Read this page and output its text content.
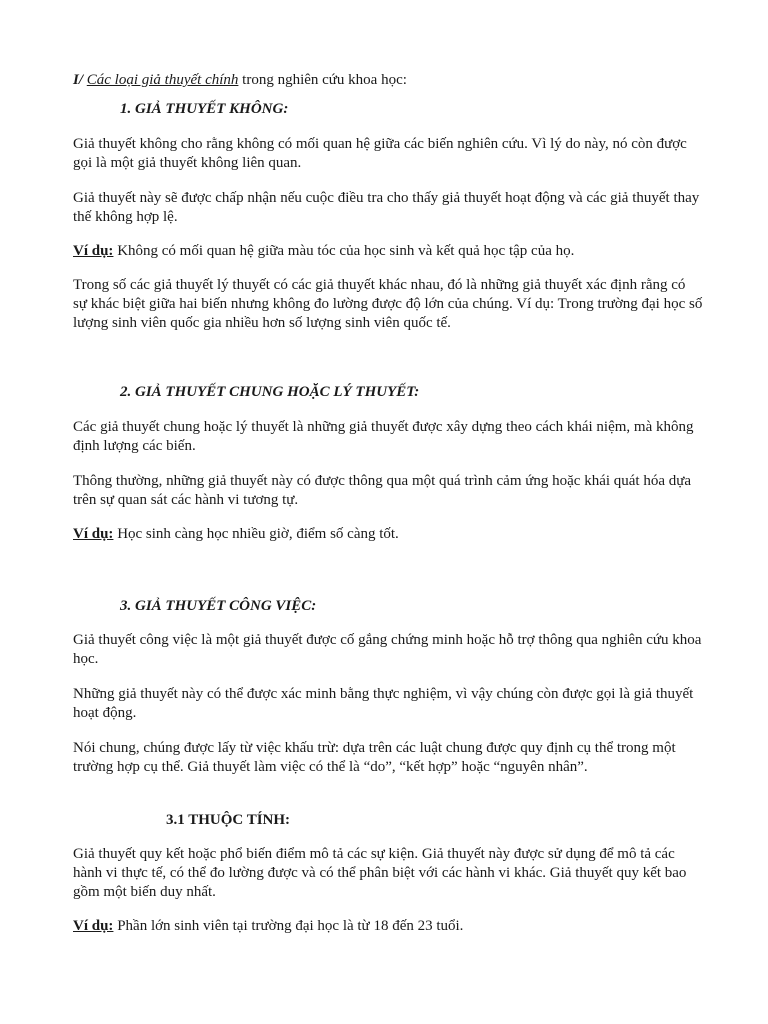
I/ Các loại giả thuyết chính trong nghiên cứu khoa học:

1. GIẢ THUYẾT KHÔNG:

Giả thuyết không cho rằng không có mối quan hệ giữa các biến nghiên cứu. Vì lý do này, nó còn được gọi là một giả thuyết không liên quan.

Giả thuyết này sẽ được chấp nhận nếu cuộc điều tra cho thấy giả thuyết hoạt động và các giả thuyết thay thế không hợp lệ.

Ví dụ: Không có mối quan hệ giữa màu tóc của học sinh và kết quả học tập của họ.

Trong số các giả thuyết lý thuyết có các giả thuyết khác nhau, đó là những giả thuyết xác định rằng có sự khác biệt giữa hai biến nhưng không đo lường được độ lớn của chúng. Ví dụ: Trong trường đại học số lượng sinh viên quốc gia nhiều hơn số lượng sinh viên quốc tế.

2. GIẢ THUYẾT CHUNG HOẶC LÝ THUYẾT:

Các giả thuyết chung hoặc lý thuyết là những giả thuyết được xây dựng theo cách khái niệm, mà không định lượng các biến.

Thông thường, những giả thuyết này có được thông qua một quá trình cảm ứng hoặc khái quát hóa dựa trên sự quan sát các hành vi tương tự.

Ví dụ: Học sinh càng học nhiều giờ, điểm số càng tốt.

3. GIẢ THUYẾT CÔNG VIỆC:

Giả thuyết công việc là một giả thuyết được cố gắng chứng minh hoặc hỗ trợ thông qua nghiên cứu khoa học.

Những giả thuyết này có thể được xác minh bằng thực nghiệm, vì vậy chúng còn được gọi là giả thuyết hoạt động.

Nói chung, chúng được lấy từ việc khấu trừ: dựa trên các luật chung được quy định cụ thể trong một trường hợp cụ thể. Giả thuyết làm việc có thể là “do”, “kết hợp” hoặc “nguyên nhân”.

3.1 THUỘC TÍNH:

Giả thuyết quy kết hoặc phổ biến điểm mô tả các sự kiện. Giả thuyết này được sử dụng để mô tả các hành vi thực tế, có thể đo lường được và có thể phân biệt với các hành vi khác. Giả thuyết quy kết bao gồm một biến duy nhất.

Ví dụ: Phần lớn sinh viên tại trường đại học là từ 18 đến 23 tuổi.
